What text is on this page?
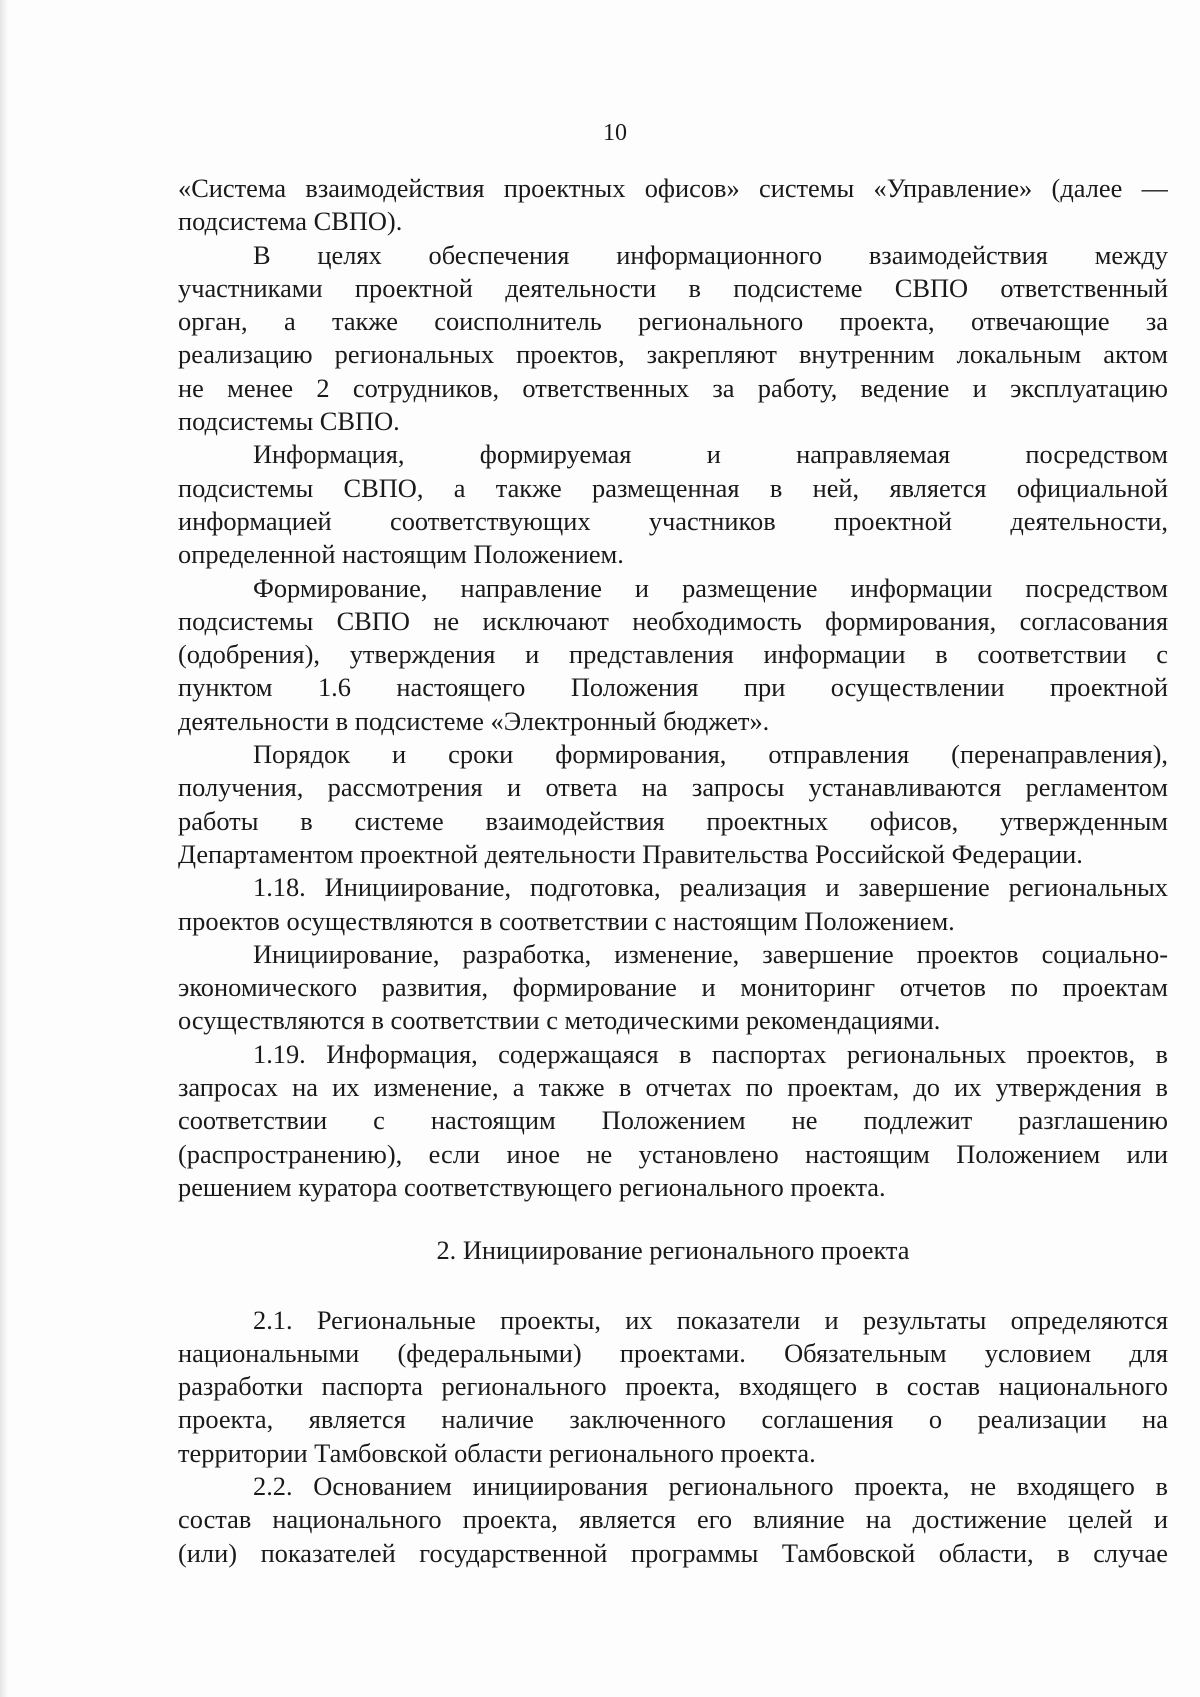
10
«Система взаимодействия проектных офисов» системы «Управление» (далее —
подсистема СВПО).
В целях обеспечения информационного взаимодействия между
участниками проектной деятельности в подсистеме СВПО ответственный
орган, а также соисполнитель регионального проекта, отвечающие за
реализацию региональных проектов, закрепляют внутренним локальным актом
не менее 2 сотрудников, ответственных за работу, ведение и эксплуатацию
подсистемы СВПО.
Информация, формируемая и направляемая посредством
подсистемы СВПО, а также размещенная в ней, является официальной
информацией соответствующих участников проектной деятельности,
определенной настоящим Положением.
Формирование, направление и размещение информации посредством
подсистемы СВПО не исключают необходимость формирования, согласования
(одобрения), утверждения и представления информации в соответствии с
пунктом 1.6 настоящего Положения при осуществлении проектной
деятельности в подсистеме «Электронный бюджет».
Порядок и сроки формирования, отправления (перенаправления),
получения, рассмотрения и ответа на запросы устанавливаются регламентом
работы в системе взаимодействия проектных офисов, утвержденным
Департаментом проектной деятельности Правительства Российской Федерации.
1.18. Инициирование, подготовка, реализация и завершение региональных
проектов осуществляются в соответствии с настоящим Положением.
Инициирование, разработка, изменение, завершение проектов социально-
экономического развития, формирование и мониторинг отчетов по проектам
осуществляются в соответствии с методическими рекомендациями.
1.19. Информация, содержащаяся в паспортах региональных проектов, в
запросах на их изменение, а также в отчетах по проектам, до их утверждения в
соответствии с настоящим Положением не подлежит разглашению
(распространению), если иное не установлено настоящим Положением или
решением куратора соответствующего регионального проекта.
2. Инициирование регионального проекта
2.1. Региональные проекты, их показатели и результаты определяются
национальными (федеральными) проектами. Обязательным условием для
разработки паспорта регионального проекта, входящего в состав национального
проекта, является наличие заключенного соглашения о реализации на
территории Тамбовской области регионального проекта.
2.2. Основанием инициирования регионального проекта, не входящего в
состав национального проекта, является его влияние на достижение целей и
(или) показателей государственной программы Тамбовской области, в случае
